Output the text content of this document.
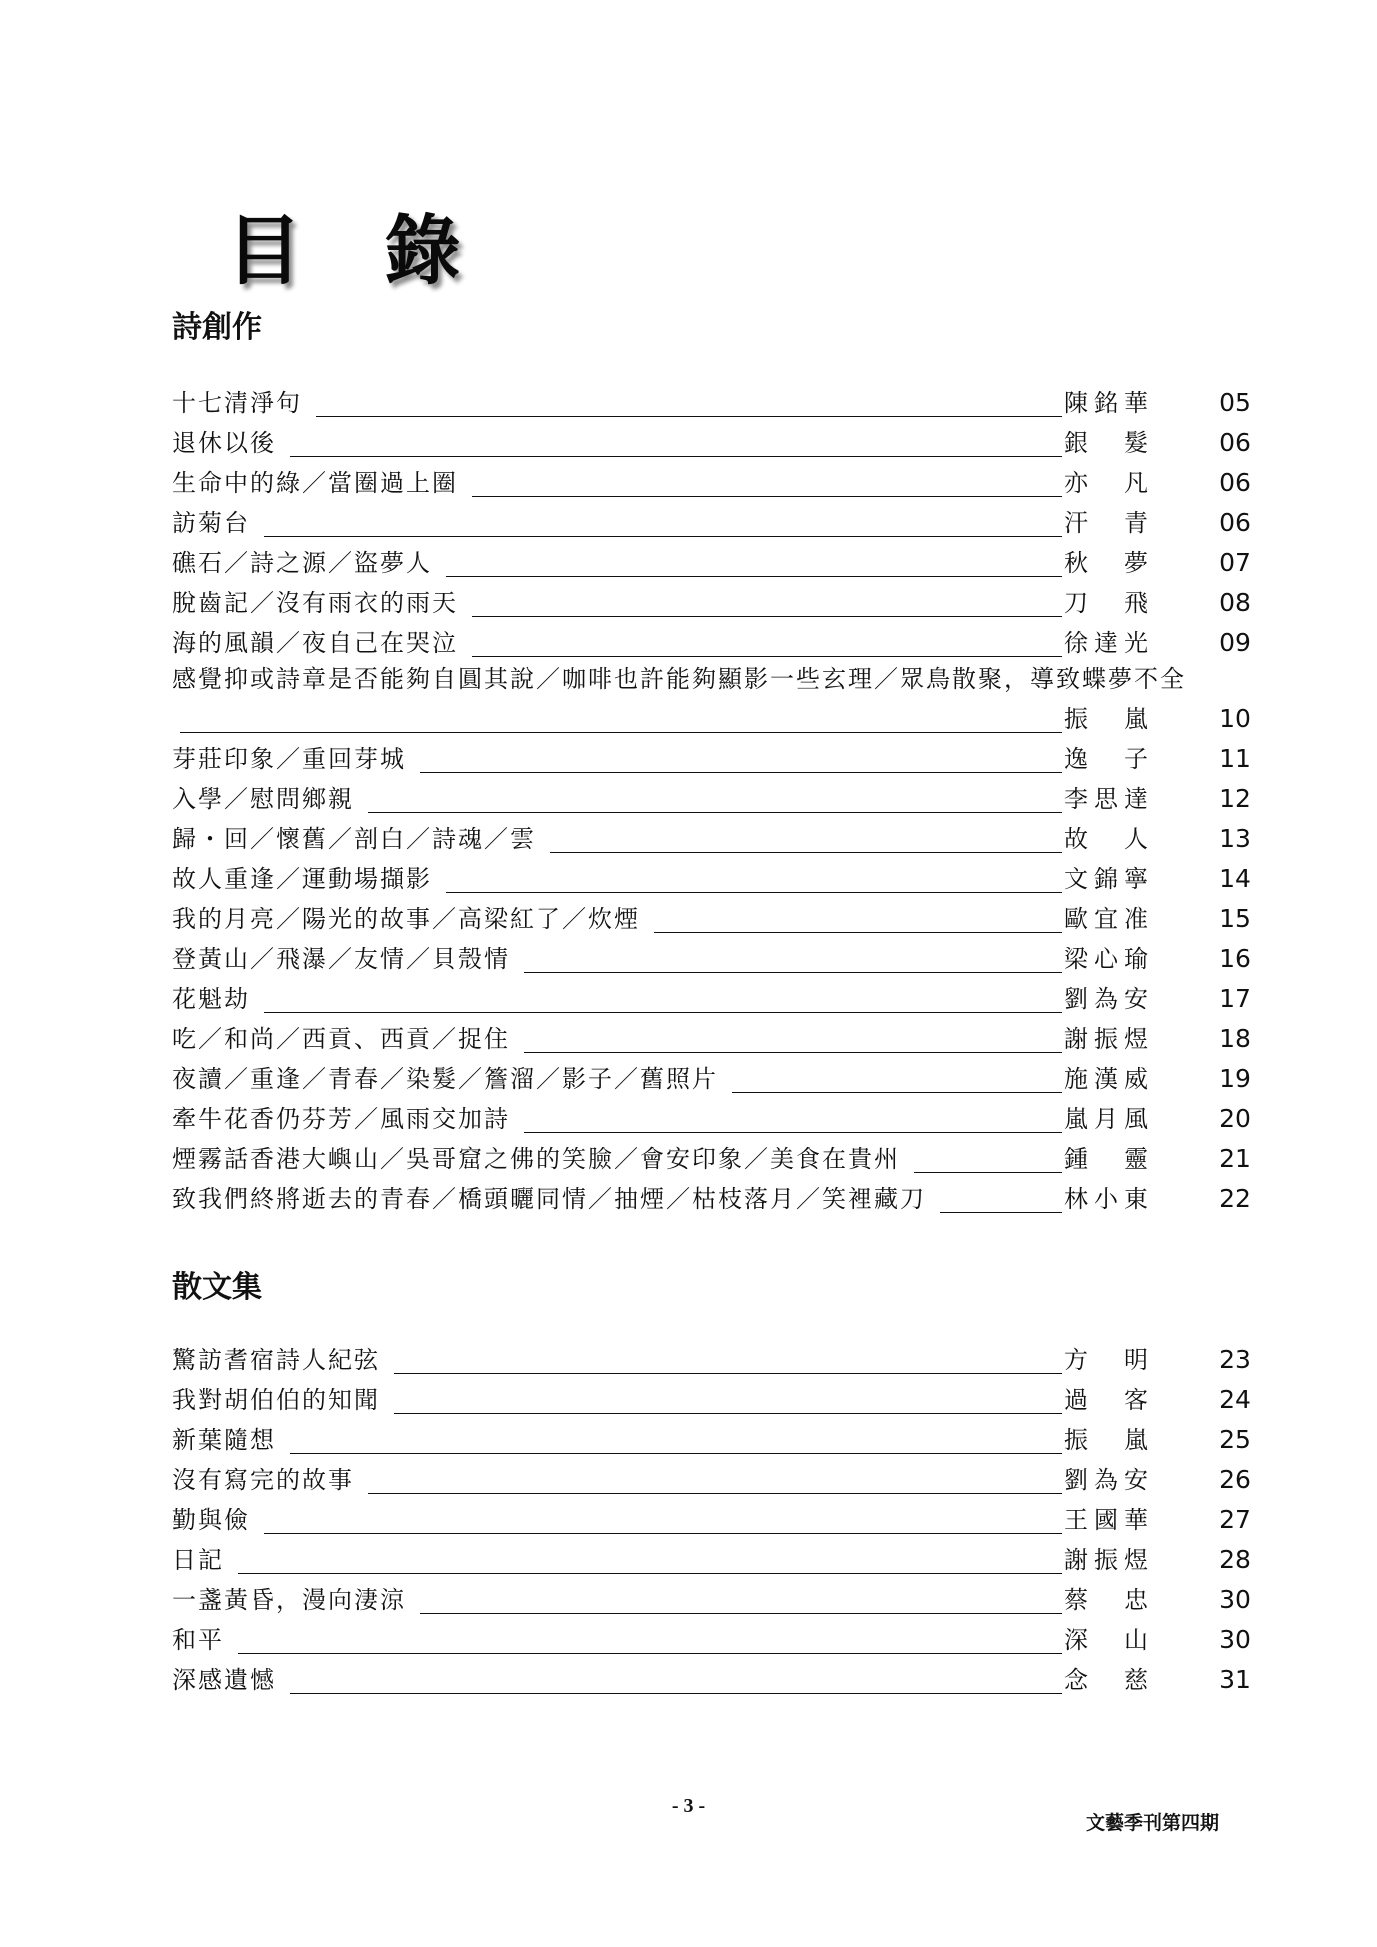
目 錄
詩創作
十七清淨句	陳銘華	05
退休以後	銀 髮	06
生命中的綠／當圈過上圈	亦 凡	06
訪菊台	汗 青	06
礁石／詩之源／盜夢人	秋 夢	07
脫齒記／沒有雨衣的雨天	刀 飛	08
海的風韻／夜自己在哭泣	徐達光	09
感覺抑或詩章是否能夠自圓其說／咖啡也許能夠顯影一些玄理／眾鳥散聚，導致蝶夢不全
振 嵐	10
芽莊印象／重回芽城	逸 子	11
入學／慰問鄉親	李思達	12
歸・回／懷舊／剖白／詩魂／雲	故 人	13
故人重逢／運動場擷影	文錦寧	14
我的月亮／陽光的故事／高梁紅了／炊煙	歐宜准	15
登黃山／飛瀑／友情／貝殼情	梁心瑜	16
花魁劫	劉為安	17
吃／和尚／西貢、西貢／捉住	謝振煜	18
夜讀／重逢／青春／染髮／簷溜／影子／舊照片	施漢威	19
牽牛花香仍芬芳／風雨交加詩	嵐月風	20
煙霧話香港大嶼山／吳哥窟之佛的笑臉／會安印象／美食在貴州	鍾 靈	21
致我們終將逝去的青春／橋頭曬同情／抽煙／枯枝落月／笑裡藏刀	林小東	22
散文集
驚訪耆宿詩人紀弦	方 明	23
我對胡伯伯的知聞	過 客	24
新葉隨想	振 嵐	25
沒有寫完的故事	劉為安	26
勤與儉	王國華	27
日記	謝振煜	28
一盞黃昏，漫向淒涼	蔡 忠	30
和平	深 山	30
深感遺憾	念 慈	31
- 3 -
文藝季刊第四期
